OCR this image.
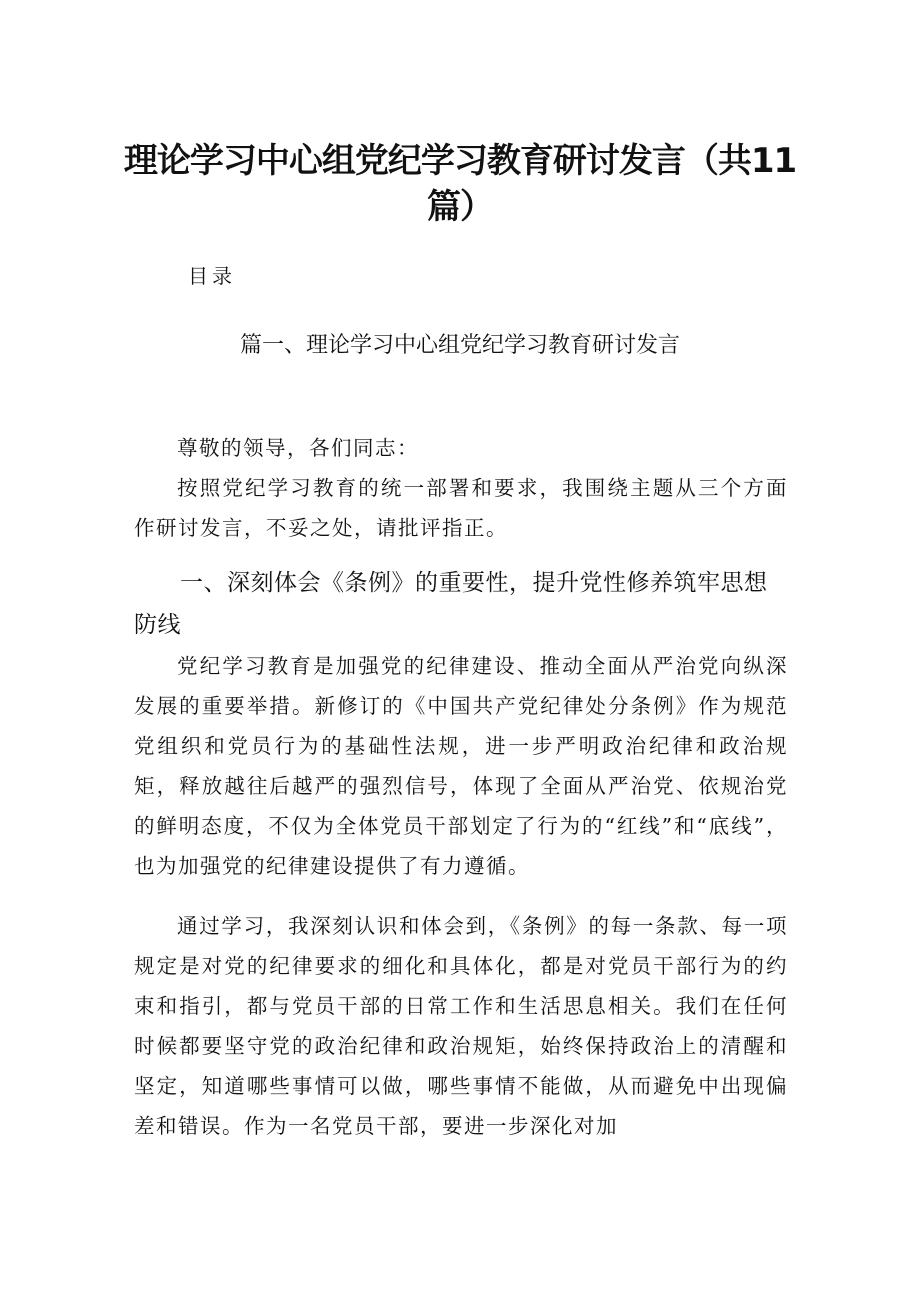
理论学习中心组党纪学习教育研讨发言（共11篇）
目录
篇一、理论学习中心组党纪学习教育研讨发言

尊敬的领导，各们同志：

按照党纪学习教育的统一部署和要求，我围绕主题从三个方面作研讨发言，不妥之处，请批评指正。

一、深刻体会《条例》的重要性，提升党性修养筑牢思想防线

党纪学习教育是加强党的纪律建设、推动全面从严治党向纵深发展的重要举措。新修订的《中国共产党纪律处分条例》作为规范党组织和党员行为的基础性法规，进一步严明政治纪律和政治规矩，释放越往后越严的强烈信号，体现了全面从严治党、依规治党的鲜明态度，不仅为全体党员干部划定了行为的“红线”和“底线”，也为加强党的纪律建设提供了有力遵循。

通过学习，我深刻认识和体会到，《条例》的每一条款、每一项规定是对党的纪律要求的细化和具体化，都是对党员干部行为的约束和指引，都与党员干部的日常工作和生活思息相关。我们在任何时候都要坚守党的政治纪律和政治规矩，始终保持政治上的清醒和坚定，知道哪些事情可以做，哪些事情不能做，从而避免中出现偏差和错误。作为一名党员干部，要进一步深化对加
